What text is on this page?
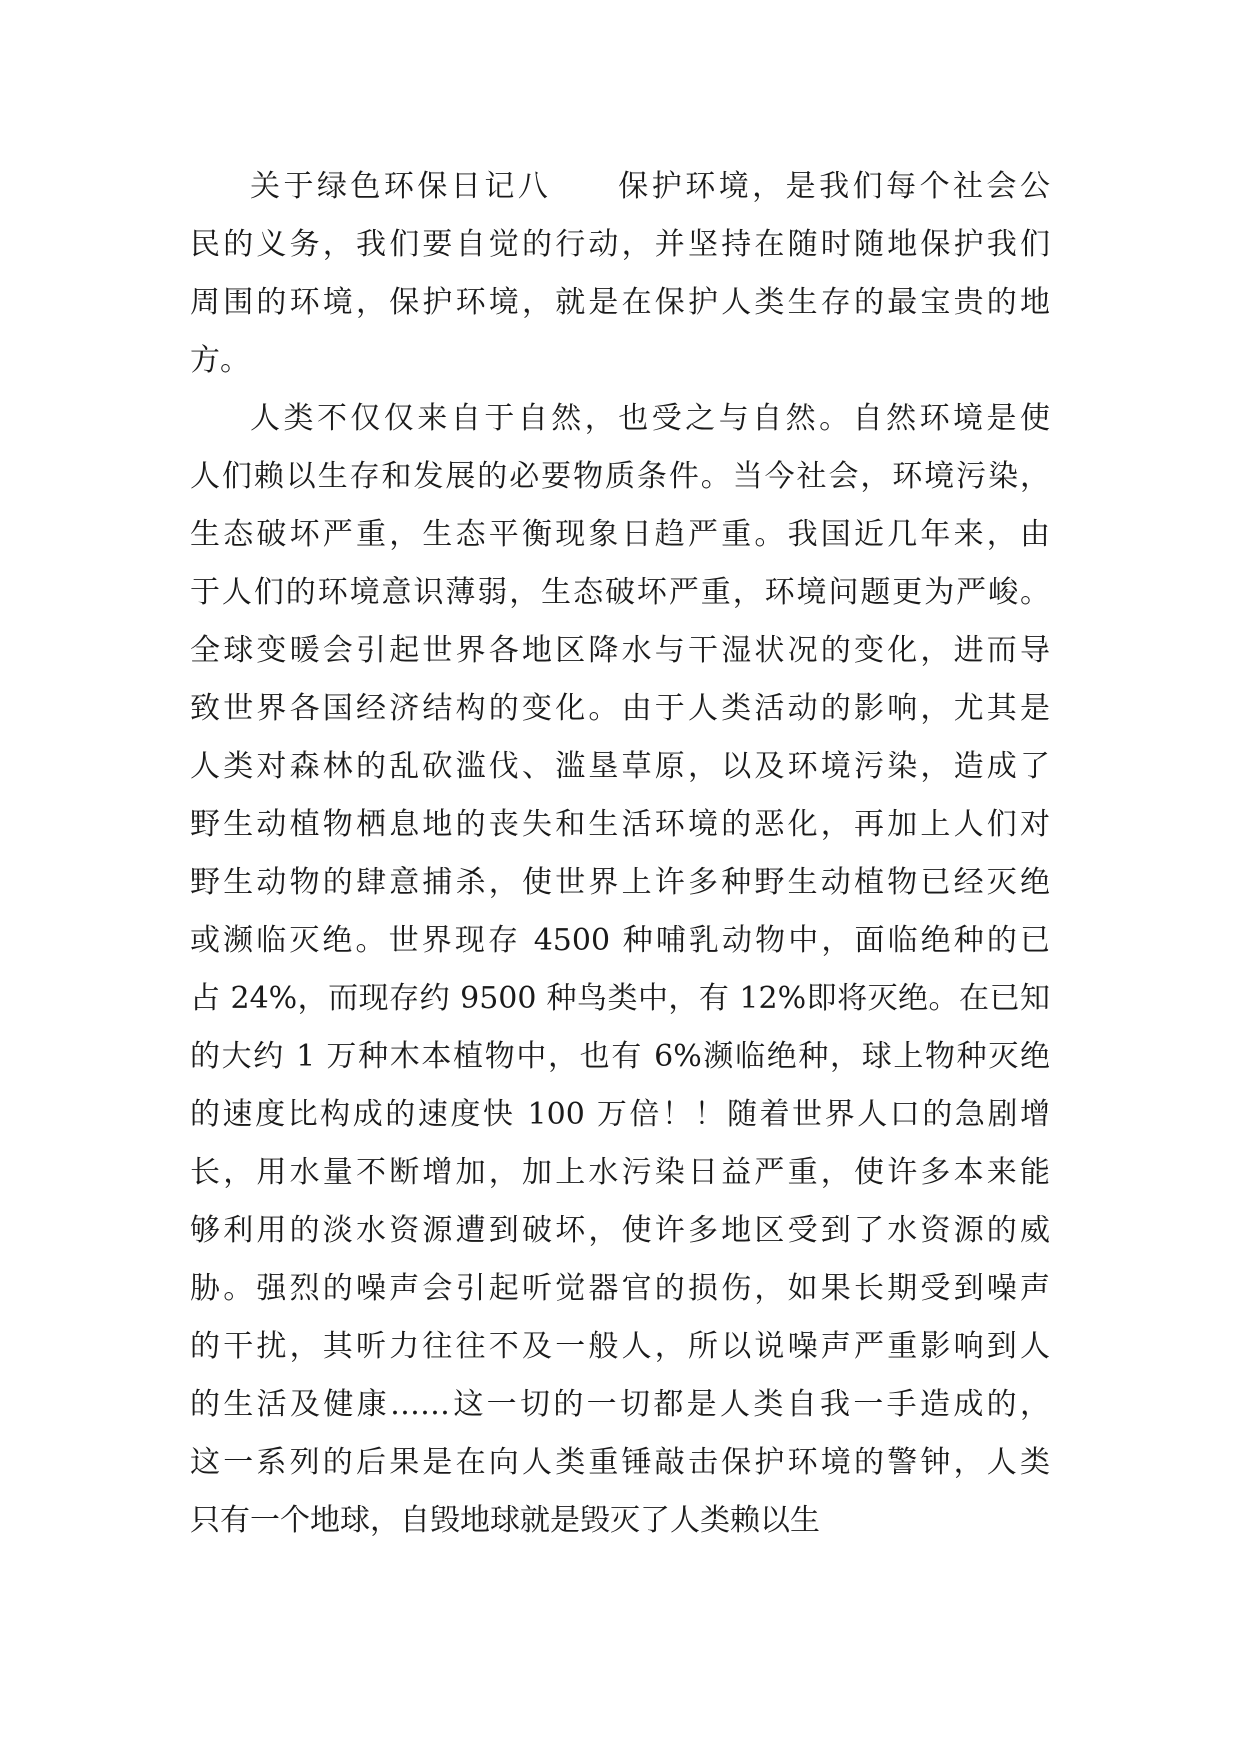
关于绿色环保日记八　　保护环境，是我们每个社会公
民的义务，我们要自觉的行动，并坚持在随时随地保护我们
周围的环境，保护环境，就是在保护人类生存的最宝贵的地
方。
人类不仅仅来自于自然，也受之与自然。自然环境是使
人们赖以生存和发展的必要物质条件。当今社会，环境污染，
生态破坏严重，生态平衡现象日趋严重。我国近几年来，由
于人们的环境意识薄弱，生态破坏严重，环境问题更为严峻。
全球变暖会引起世界各地区降水与干湿状况的变化，进而导
致世界各国经济结构的变化。由于人类活动的影响，尤其是
人类对森林的乱砍滥伐、滥垦草原，以及环境污染，造成了
野生动植物栖息地的丧失和生活环境的恶化，再加上人们对
野生动物的肆意捕杀，使世界上许多种野生动植物已经灭绝
或濒临灭绝。世界现存 4500 种哺乳动物中，面临绝种的已
占 24%，而现存约 9500 种鸟类中，有 12%即将灭绝。在已知
的大约 1 万种木本植物中，也有 6%濒临绝种，球上物种灭绝
的速度比构成的速度快 100 万倍！！随着世界人口的急剧增
长，用水量不断增加，加上水污染日益严重，使许多本来能
够利用的淡水资源遭到破坏，使许多地区受到了水资源的威
胁。强烈的噪声会引起听觉器官的损伤，如果长期受到噪声
的干扰，其听力往往不及一般人，所以说噪声严重影响到人
的生活及健康……这一切的一切都是人类自我一手造成的，
这一系列的后果是在向人类重锤敲击保护环境的警钟，人类
只有一个地球，自毁地球就是毁灭了人类赖以生
